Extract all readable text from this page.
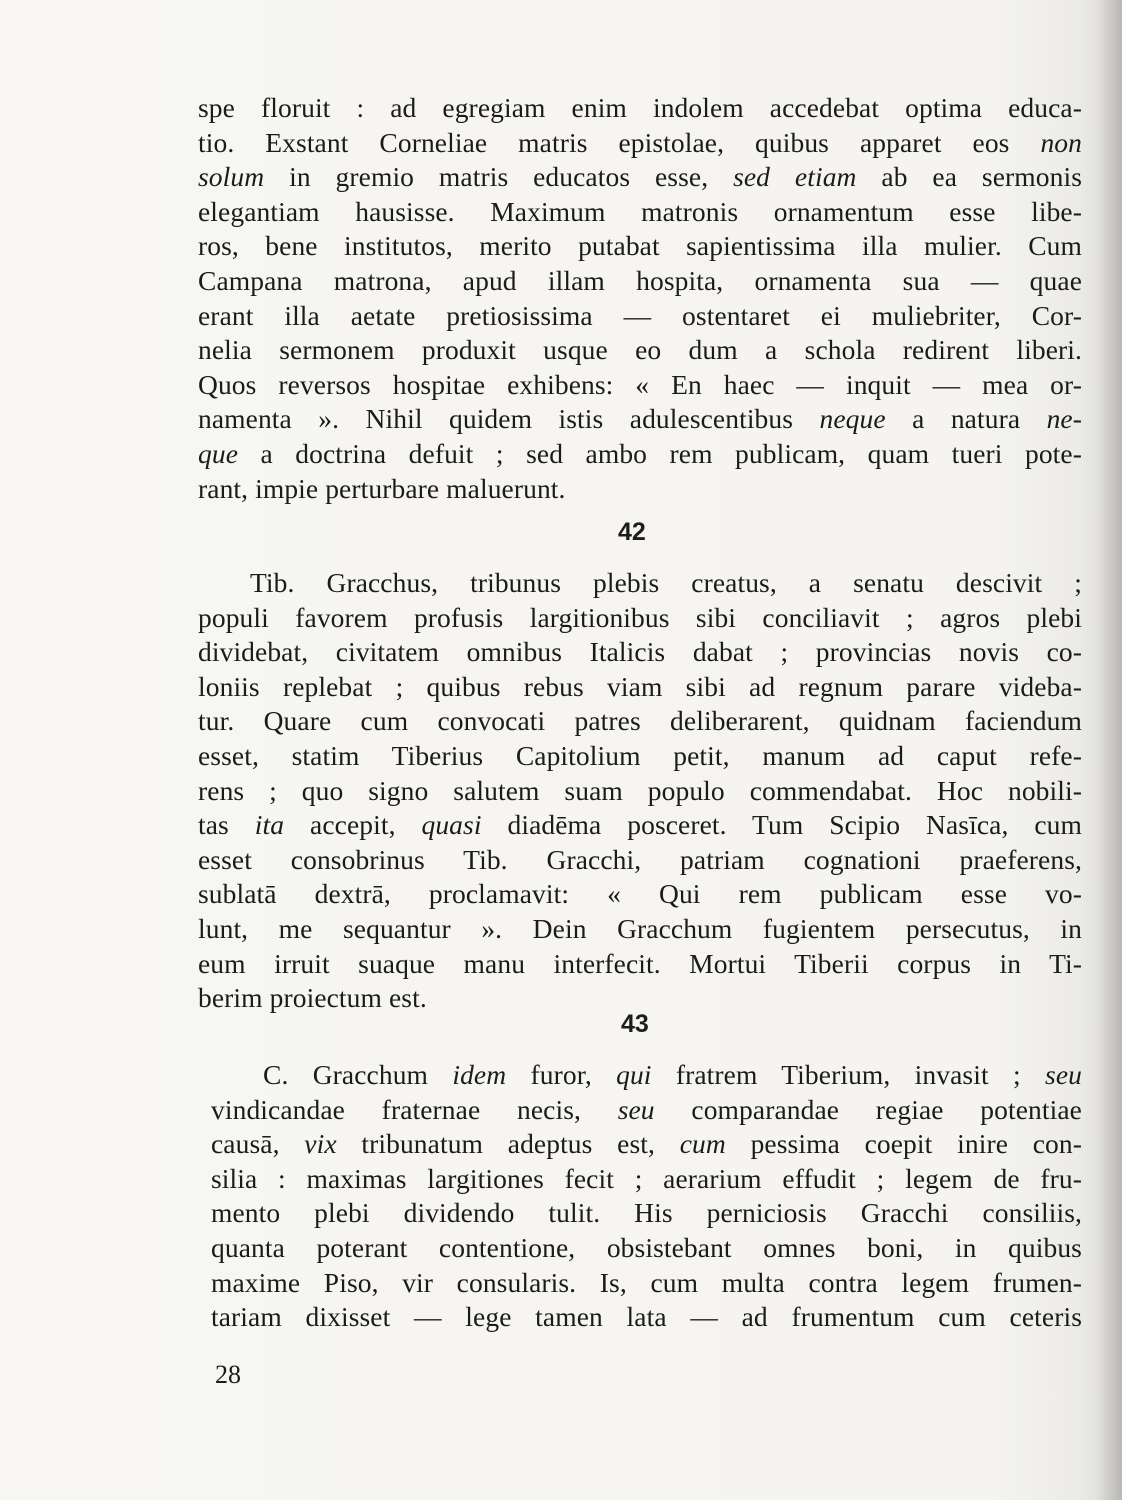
spe floruit : ad egregiam enim indolem accedebat optima educa-
tio. Exstant Corneliae matris epistolae, quibus apparet eos non
solum in gremio matris educatos esse, sed etiam ab ea sermonis
elegantiam hausisse. Maximum matronis ornamentum esse libe-
ros, bene institutos, merito putabat sapientissima illa mulier. Cum
Campana matrona, apud illam hospita, ornamenta sua — quae
erant illa aetate pretiosissima — ostentaret ei muliebriter, Cor-
nelia sermonem produxit usque eo dum a schola redirent liberi.
Quos reversos hospitae exhibens: « En haec — inquit — mea or-
namenta ». Nihil quidem istis adulescentibus neque a natura ne-
que a doctrina defuit ; sed ambo rem publicam, quam tueri pote-
rant, impie perturbare maluerunt.
42
Tib. Gracchus, tribunus plebis creatus, a senatu descivit ;
populi favorem profusis largitionibus sibi conciliavit ; agros plebi
dividebat, civitatem omnibus Italicis dabat ; provincias novis co-
loniis replebat ; quibus rebus viam sibi ad regnum parare videba-
tur. Quare cum convocati patres deliberarent, quidnam faciendum
esset, statim Tiberius Capitolium petit, manum ad caput refe-
rens ; quo signo salutem suam populo commendabat. Hoc nobili-
tas ita accepit, quasi diadēma posceret. Tum Scipio Nasīca, cum
esset consobrinus Tib. Gracchi, patriam cognationi praeferens,
sublatā dextrā, proclamavit: « Qui rem publicam esse vo-
lunt, me sequantur ». Dein Gracchum fugientem persecutus, in
eum irruit suaque manu interfecit. Mortui Tiberii corpus in Ti-
berim proiectum est.
43
C. Gracchum idem furor, qui fratrem Tiberium, invasit ; seu
vindicandae fraternae necis, seu comparandae regiae potentiae
causā, vix tribunatum adeptus est, cum pessima coepit inire con-
silia : maximas largitiones fecit ; aerarium effudit ; legem de fru-
mento plebi dividendo tulit. His perniciosis Gracchi consiliis,
quanta poterant contentione, obsistebant omnes boni, in quibus
maxime Piso, vir consularis. Is, cum multa contra legem frumen-
tariam dixisset — lege tamen lata — ad frumentum cum ceteris
28
